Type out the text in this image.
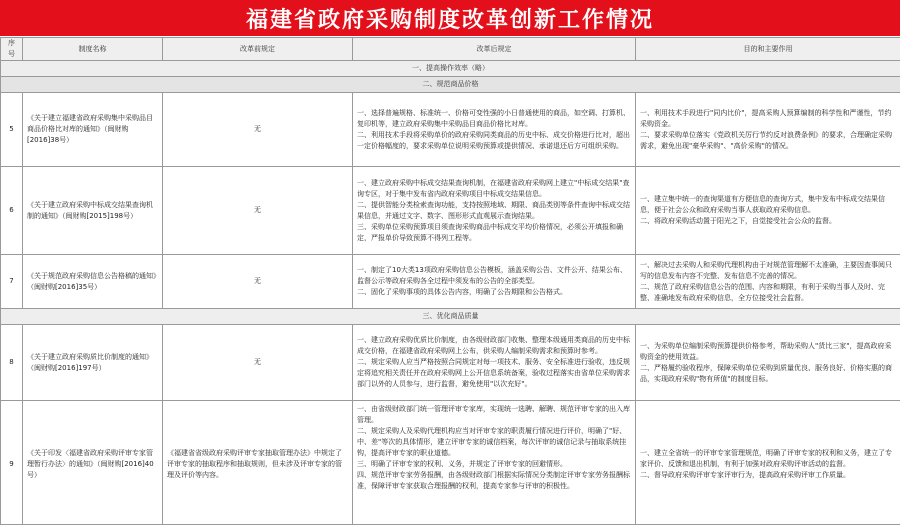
福建省政府采购制度改革创新工作情况
序号	制度名称	改革前规定	改革后规定	目的和主要作用
一、提高操作效率（略）				
二、规范商品价格				
5	《关于建立福建省政府采购集中采购品目商品价格比对库的通知》（闽财购[2016]38号）	无	一、选择普遍规格、标准统一、价格可变性强的小日普通使用的商品，如空调、打算机、复印机等，建立政府采购集中采购品目商品价格比对库。
二、利用技术手段将采购单价的政府采购同类商品的历史中标、成交价格进行比对，超出一定价格幅度的，要求采购单位说明采购预算或提供情况、承诺退还后方可组织采购。	一、利用技术手段进行"同内比价"，提高采购人预算编制的科学性和严谨性，节约采购资金。
二、要求采购单位落实《党政机关厉行节约反对浪费条例》的要求，合理确定采购需求，避免出现"豪华采购"、"高价采购"的情况。

6	《关于建立政府采购中标成交结果查询机制的通知》（闽财购[2015]198号）	无	一、建立政府采购中标成交结果查询机制，在福建省政府采购网上建立"中标成交结果"查询专区，对于集中发布省内政府采购项目中标成交结果信息。
二、提供智能分类检索查询功能，支持按照地域、期限、商品类别等条件查询中标成交结果信息，并通过文字、数字、图形形式直观展示查询结果。
三、采购单位采购预算项目须查询采购商品中标成交平均价格情况，必须公开填报和确定，严报单价导致预算不得列工程等。	一、建立集中统一的查询渠道有方便信息的查询方式，集中发布中标成交结果信息，便于社会公众和政府采购当事人获取政府采购信息。
二、将政府采购活动置于阳光之下，自觉接受社会公众的监督。

7	《关于规范政府采购信息公告格稿的通知》（闽财购[2016]35号）	无	一、制定了10大类13项政府采购信息公告模板，涵盖采购公告、文件公开、结果公布、监督公示等政府采购各全过程中须发布的公告的全部类型。
二、固化了采购事项的具体公告内容，明确了公告期限和公告格式。	一、解决过去采购人和采购代理机构由于对规范管理解不太准确，主要因查事阅只写的信息发布内容不完整、发布信息不完善的情况。
二、规范了政府采购信息公告的范围、内容和期限，有利于采购当事人及时、完整、准确地发布政府采购信息，全方位接受社会监督。

三、优化商品质量				
8	《关于建立政府采购质比价制度的通知》（闽财购[2016]197号）	无	一、建立政府采购优质比价制度，由各级财政部门收集、整理本级通用类商品的历史中标成交价格，在福建省政府采购网上公布，供采购人编制采购需求和预算时参考。
二、规定采购人应当严格按照合同规定对每一项技术、服务、安全标准进行验收，违反规定将追究相关责任并在政府采购网上公开信息系统备案，验收过程落实由省单位采购需求部门以外的人员参与，进行监督，避免使用"以次充好"。	一、为采购单位编制采购预算提供价格参考，帮助采购人"货比三家"，提高政府采购资金的使用效益。
二、严格履约验收程序，保障采购单位采购到质量优良、服务良好、价格实惠的商品，实现政府采购"物有所值"的制度目标。

9	《关于印发〈福建省政府采购评审专家管理暂行办法〉的通知》（闽财购[2016]40号）	《福建省省级政府采购评审专家抽取管理办法》中规定了评审专家的抽取程序和抽取规则，但未涉及评审专家的管理及评价等内容。	一、由省级财政部门统一管理评审专家库，实现统一选聘、解聘、规范评审专家的出入库管理。
二、规定采购人及采购代理机构应当对评审专家的职责履行情况进行评价，明确了"好、中、差"等次的具体情形，建立评审专家的诚信档案，每次评审的诚信记录与抽取系统挂钩，提高评审专家的职业道德。
三、明确了评审专家的权利、义务，并规定了评审专家的回避情形。
四、规范评审专家劳务报酬，由各级财政部门根据实际情况分类制定评审专家劳务报酬标准，保障评审专家获取合理报酬的权利，提高专家参与评审的积极性。	一、建立全省统一的评审专家管理规范，明确了评审专家的权利和义务，建立了专家评价、反馈和退出机制，有利于加强对政府采购评审活动的监督。
二、督导政府采购评审专家评审行为，提高政府采购评审工作质量。
